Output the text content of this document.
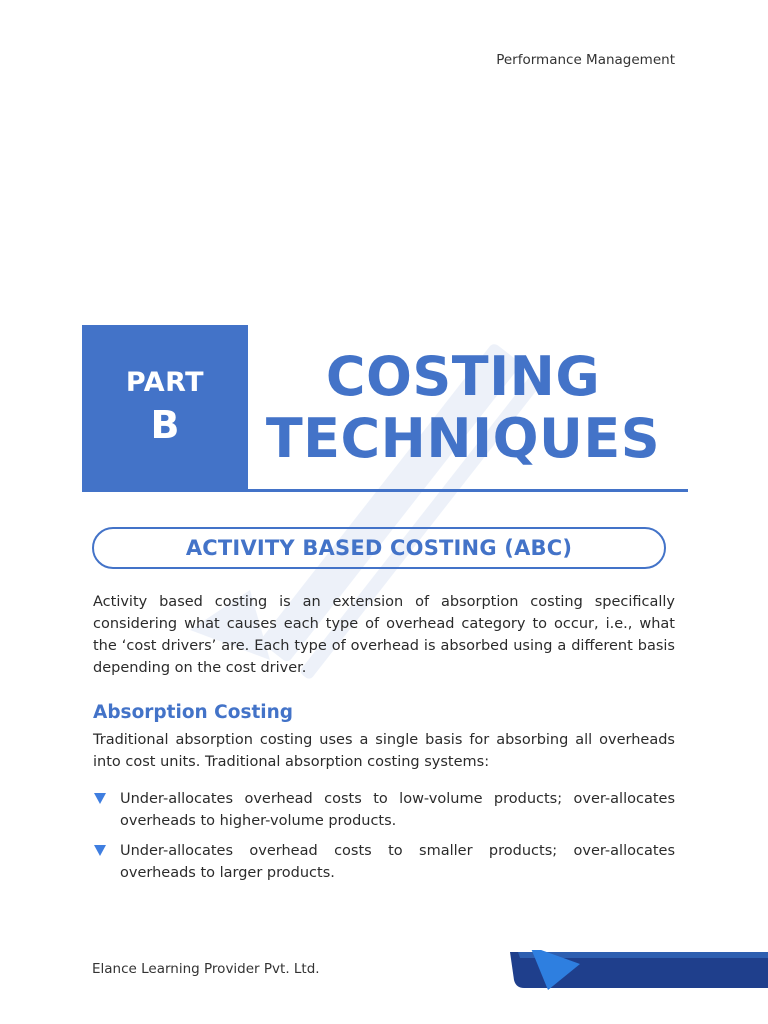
Performance Management
PART
B
COSTING
TECHNIQUES
ACTIVITY BASED COSTING (ABC)

Activity based costing is an extension of absorption costing specifically considering what causes each type of overhead category to occur, i.e., what the ‘cost drivers’ are. Each type of overhead is absorbed using a different basis depending on the cost driver.

Absorption Costing

Traditional absorption costing uses a single basis for absorbing all overheads into cost units. Traditional absorption costing systems:

Under-allocates overhead costs to low-volume products; over-allocates overheads to higher-volume products.
Under-allocates overhead costs to smaller products; over-allocates overheads to larger products.
Elance Learning Provider Pvt. Ltd.
